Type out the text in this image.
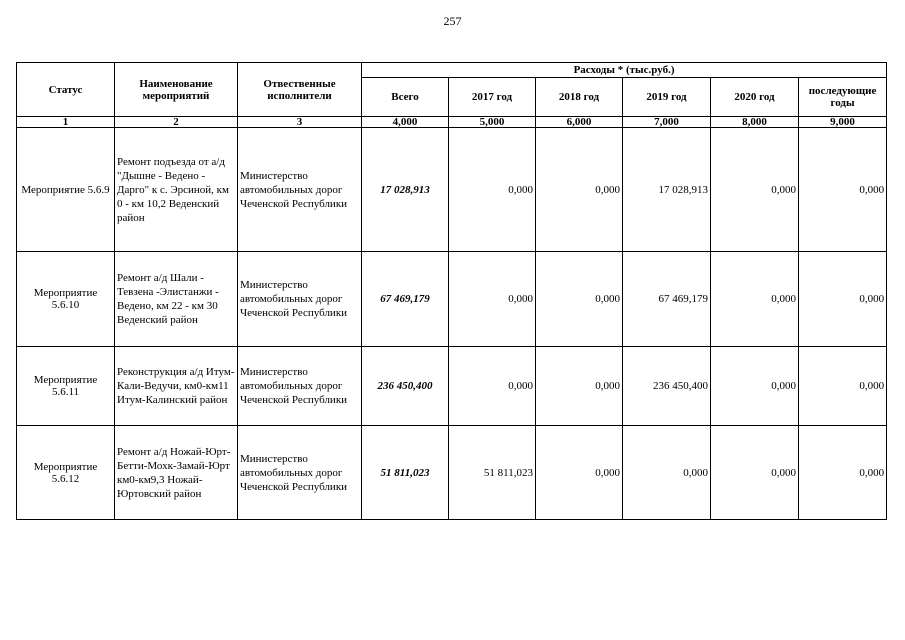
257
Статус	Наименование мероприятий	Отвественные исполнители	Расходы * (тыс.руб.)					
			Всего	2017 год	2018 год	2019 год	2020 год	последующие годы

1	2	3	4,000	5,000	6,000	7,000	8,000	9,000
Мероприятие 5.6.9	Ремонт подъезда от а/д "Дышне - Ведено - Дарго" к с. Эрсиной, км 0 - км 10,2 Веденский район	Министерство автомобильных дорог Чеченской Республики	17 028,913	0,000	0,000	17 028,913	0,000	0,000
Мероприятие 5.6.10	Ремонт а/д Шали - Тевзена -Элистанжи - Ведено, км 22 - км 30 Веденский район	Министерство автомобильных дорог Чеченской Республики	67 469,179	0,000	0,000	67 469,179	0,000	0,000
Мероприятие 5.6.11	Реконструкция а/д Итум-Кали-Ведучи, км0-км11 Итум-Калинский район	Министерство автомобильных дорог Чеченской Республики	236 450,400	0,000	0,000	236 450,400	0,000	0,000
Мероприятие 5.6.12	Ремонт а/д Ножай-Юрт-Бетти-Мохк-Замай-Юрт км0-км9,3 Ножай-Юртовский район	Министерство автомобильных дорог Чеченской Республики	51 811,023	51 811,023	0,000	0,000	0,000	0,000
